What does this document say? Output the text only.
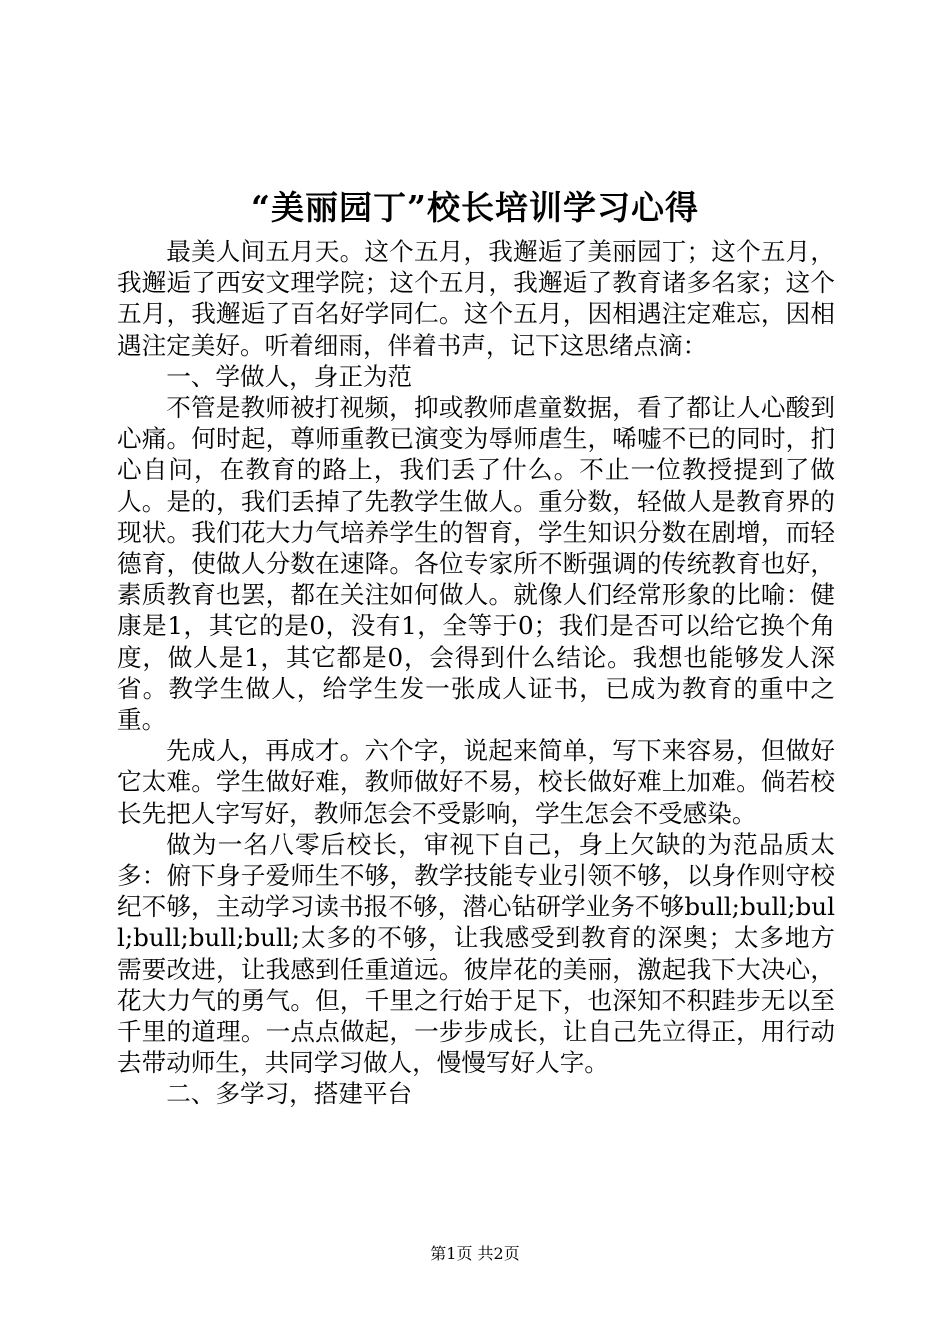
“美丽园丁”校长培训学习心得

最美人间五月天。这个五月，我邂逅了美丽园丁；这个五月，我邂逅了西安文理学院；这个五月，我邂逅了教育诸多名家；这个五月，我邂逅了百名好学同仁。这个五月，因相遇注定难忘，因相遇注定美好。听着细雨，伴着书声，记下这思绪点滴：

一、学做人，身正为范

不管是教师被打视频，抑或教师虐童数据，看了都让人心酸到心痛。何时起，尊师重教已演变为辱师虐生，唏嘘不已的同时，扪心自问，在教育的路上，我们丢了什么。不止一位教授提到了做人。是的，我们丢掉了先教学生做人。重分数，轻做人是教育界的现状。我们花大力气培养学生的智育，学生知识分数在剧增，而轻德育，使做人分数在速降。各位专家所不断强调的传统教育也好，素质教育也罢，都在关注如何做人。就像人们经常形象的比喻：健康是1，其它的是0，没有1，全等于0；我们是否可以给它换个角度，做人是1，其它都是0，会得到什么结论。我想也能够发人深省。教学生做人，给学生发一张成人证书，已成为教育的重中之重。

先成人，再成才。六个字，说起来简单，写下来容易，但做好它太难。学生做好难，教师做好不易，校长做好难上加难。倘若校长先把人字写好，教师怎会不受影响，学生怎会不受感染。

做为一名八零后校长，审视下自己，身上欠缺的为范品质太多：俯下身子爱师生不够，教学技能专业引领不够，以身作则守校纪不够，主动学习读书报不够，潜心钻研学业务不够bull;bull;bull;bull;bull;bull;太多的不够，让我感受到教育的深奥；太多地方需要改进，让我感到任重道远。彼岸花的美丽，激起我下大决心，花大力气的勇气。但，千里之行始于足下，也深知不积跬步无以至千里的道理。一点点做起，一步步成长，让自己先立得正，用行动去带动师生，共同学习做人，慢慢写好人字。

二、多学习，搭建平台

第1页 共2页
